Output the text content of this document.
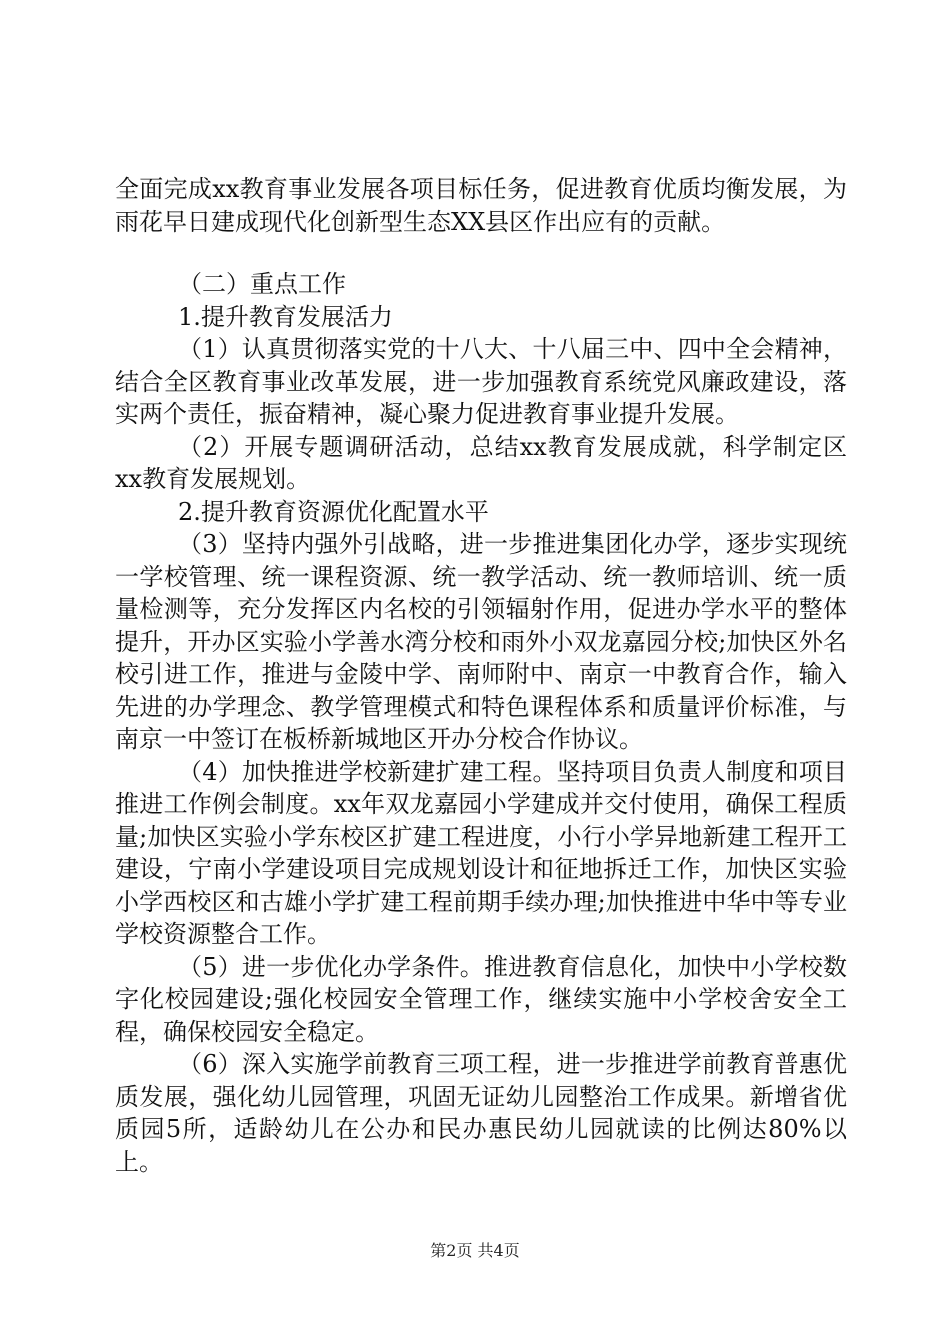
全面完成xx教育事业发展各项目标任务，促进教育优质均衡发展，为雨花早日建成现代化创新型生态XX县区作出应有的贡献。

（二）重点工作

1.提升教育发展活力

（1）认真贯彻落实党的十八大、十八届三中、四中全会精神，结合全区教育事业改革发展，进一步加强教育系统党风廉政建设，落实两个责任，振奋精神，凝心聚力促进教育事业提升发展。

（2）开展专题调研活动，总结xx教育发展成就，科学制定区xx教育发展规划。

2.提升教育资源优化配置水平

（3）坚持内强外引战略，进一步推进集团化办学，逐步实现统一学校管理、统一课程资源、统一教学活动、统一教师培训、统一质量检测等，充分发挥区内名校的引领辐射作用，促进办学水平的整体提升，开办区实验小学善水湾分校和雨外小双龙嘉园分校;加快区外名校引进工作，推进与金陵中学、南师附中、南京一中教育合作，输入先进的办学理念、教学管理模式和特色课程体系和质量评价标准，与南京一中签订在板桥新城地区开办分校合作协议。

（4）加快推进学校新建扩建工程。坚持项目负责人制度和项目推进工作例会制度。xx年双龙嘉园小学建成并交付使用，确保工程质量;加快区实验小学东校区扩建工程进度，小行小学异地新建工程开工建设，宁南小学建设项目完成规划设计和征地拆迁工作，加快区实验小学西校区和古雄小学扩建工程前期手续办理;加快推进中华中等专业学校资源整合工作。

（5）进一步优化办学条件。推进教育信息化，加快中小学校数字化校园建设;强化校园安全管理工作，继续实施中小学校舍安全工程，确保校园安全稳定。

（6）深入实施学前教育三项工程，进一步推进学前教育普惠优质发展，强化幼儿园管理，巩固无证幼儿园整治工作成果。新增省优质园5所，适龄幼儿在公办和民办惠民幼儿园就读的比例达80%以上。

第2页 共4页
